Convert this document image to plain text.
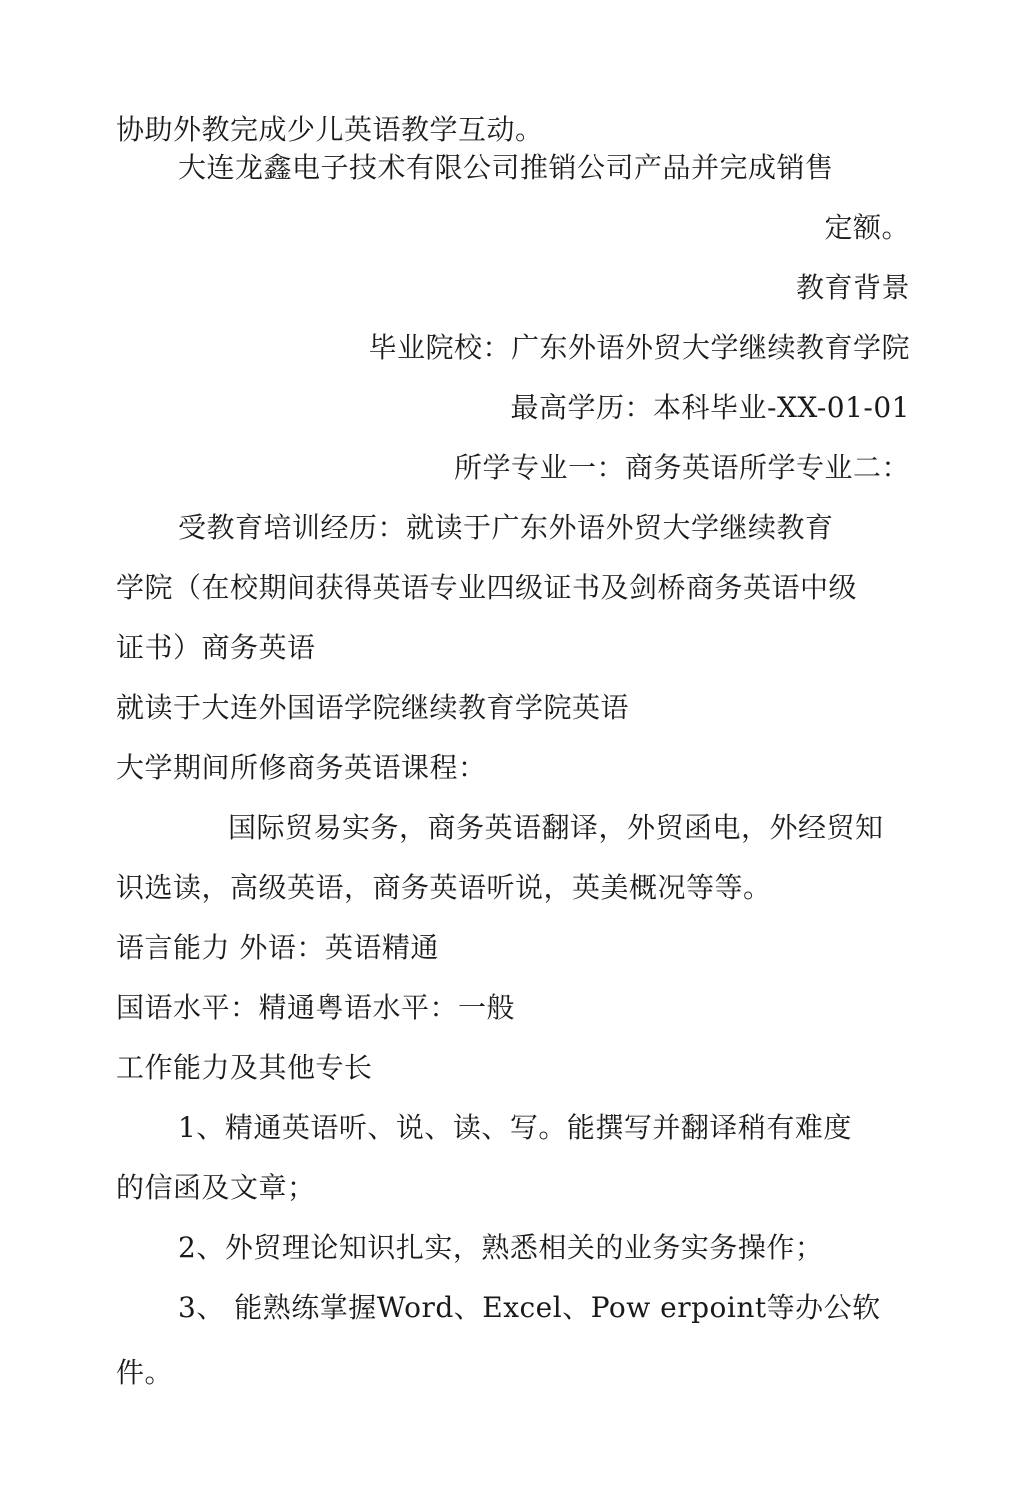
协助外教完成少儿英语教学互动。
大连龙鑫电子技术有限公司推销公司产品并完成销售
定额。
教育背景
毕业院校：广东外语外贸大学继续教育学院
最高学历：本科毕业-XX-01-01
所学专业一：商务英语所学专业二：
受教育培训经历：就读于广东外语外贸大学继续教育
学院（在校期间获得英语专业四级证书及剑桥商务英语中级
证书）商务英语
就读于大连外国语学院继续教育学院英语
大学期间所修商务英语课程：
国际贸易实务，商务英语翻译，外贸函电，外经贸知
识选读，高级英语，商务英语听说，英美概况等等。
语言能力 外语：英语精通
国语水平：精通粤语水平：一般
工作能力及其他专长
1、精通英语听、说、读、写。能撰写并翻译稍有难度
的信函及文章；
2、外贸理论知识扎实，熟悉相关的业务实务操作；
3、 能熟练掌握Word、Excel、Pow erpoint等办公软
件。
